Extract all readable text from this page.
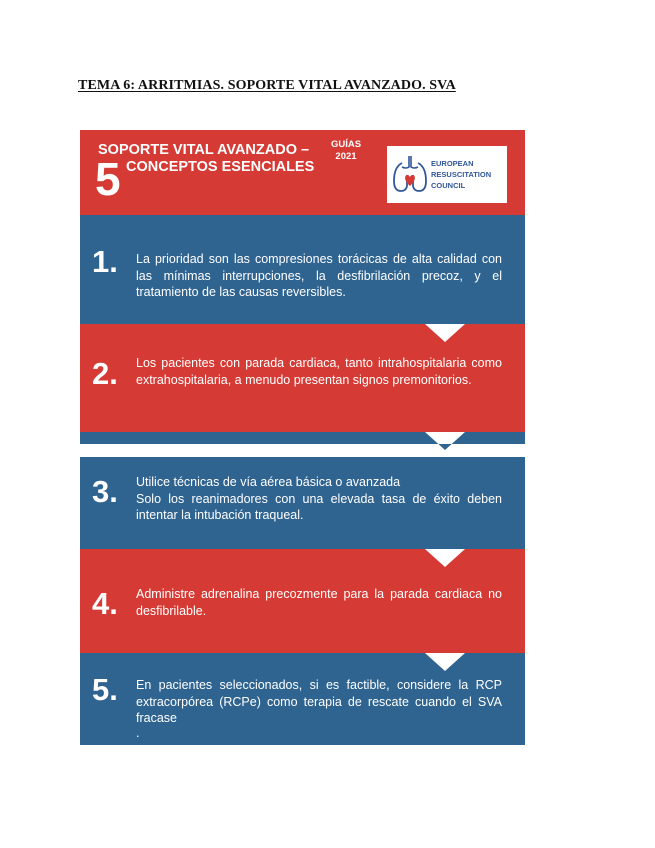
TEMA 6: ARRITMIAS. SOPORTE VITAL AVANZADO. SVA
SOPORTE VITAL AVANZADO –
5 CONCEPTOS ESENCIALES
GUÍAS
2021
EUROPEAN
RESUSCITATION
COUNCIL
1. La prioridad son las compresiones torácicas de alta calidad con las mínimas interrupciones, la desfibrilación precoz, y el tratamiento de las causas reversibles.
2. Los pacientes con parada cardiaca, tanto intrahospitalaria como extrahospitalaria, a menudo presentan signos premonitorios.
3. Utilice técnicas de vía aérea básica o avanzada
Solo los reanimadores con una elevada tasa de éxito deben intentar la intubación traqueal.
4. Administre adrenalina precozmente para la parada cardiaca no desfibrilable.
5. En pacientes seleccionados, si es factible, considere la RCP extracorpórea (RCPe) como terapia de rescate cuando el SVA fracase
.
